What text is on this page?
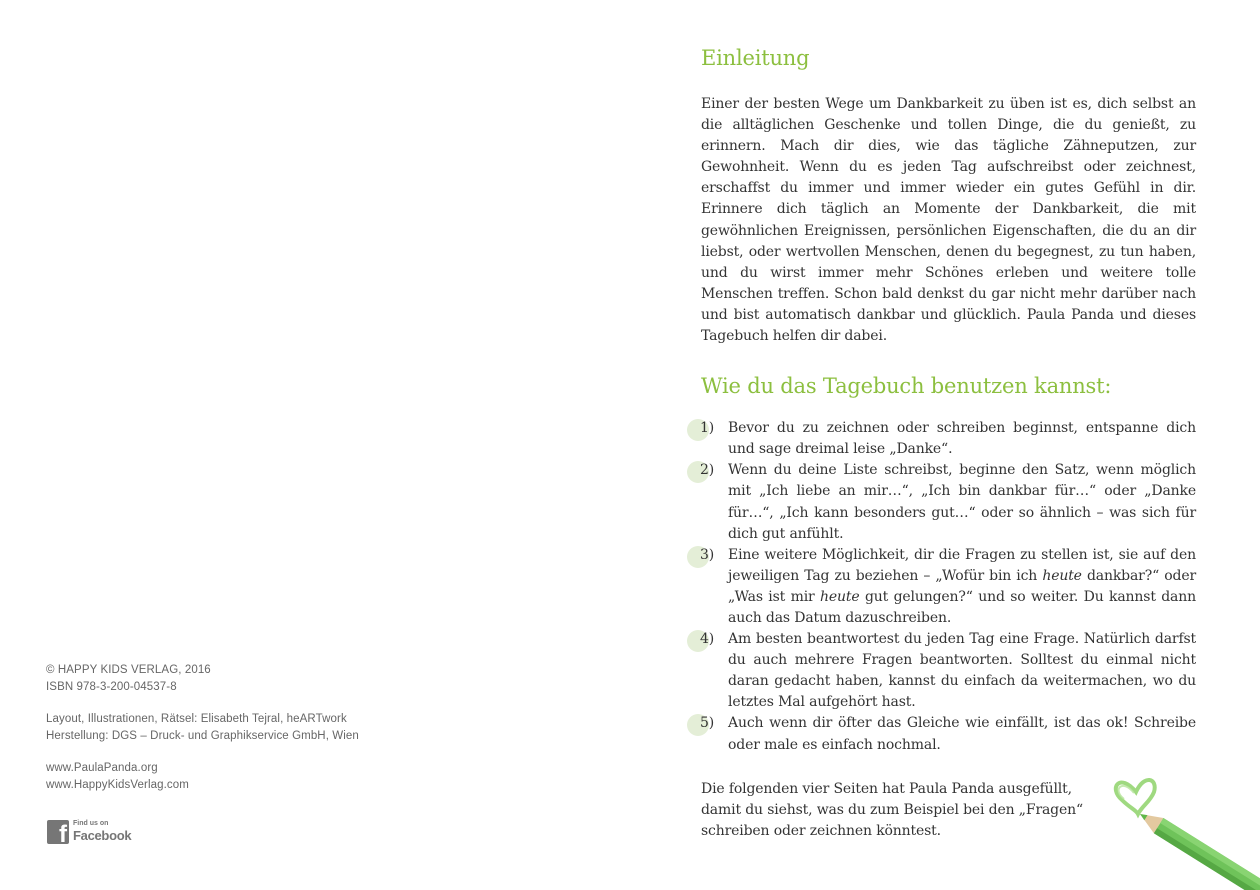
© HAPPY KIDS VERLAG, 2016
ISBN 978-3-200-04537-8
Layout, Illustrationen, Rätsel: Elisabeth Tejral, heARTwork
Herstellung: DGS – Druck- und Graphikservice GmbH, Wien
www.PaulaPanda.org
www.HappyKidsVerlag.com
f Find us on
Facebook
Einleitung

Einer der besten Wege um Dankbarkeit zu üben ist es, dich selbst an die alltäglichen Geschenke und tollen Dinge, die du genießt, zu erinnern. Mach dir dies, wie das tägliche Zähneputzen, zur Gewohnheit. Wenn du es jeden Tag aufschreibst oder zeichnest, erschaffst du immer und immer wieder ein gutes Gefühl in dir. Erinnere dich täglich an Momente der Dankbarkeit, die mit gewöhnlichen Ereignissen, persönlichen Eigenschaften, die du an dir liebst, oder wertvollen Menschen, denen du begegnest, zu tun haben, und du wirst immer mehr Schönes erleben und weitere tolle Menschen treffen. Schon bald denkst du gar nicht mehr darüber nach und bist automatisch dankbar und glücklich. Paula Panda und dieses Tagebuch helfen dir dabei.

Wie du das Tagebuch benutzen kannst:
1) Bevor du zu zeichnen oder schreiben beginnst, entspanne dich und sage dreimal leise „Danke“.
2) Wenn du deine Liste schreibst, beginne den Satz, wenn möglich mit „Ich liebe an mir…“, „Ich bin dankbar für…“ oder „Danke für…“, „Ich kann besonders gut…“ oder so ähnlich – was sich für dich gut anfühlt.
3) Eine weitere Möglichkeit, dir die Fragen zu stellen ist, sie auf den jeweiligen Tag zu beziehen – „Wofür bin ich heute dankbar?“ oder „Was ist mir heute gut gelungen?“ und so weiter. Du kannst dann auch das Datum dazuschreiben.
4) Am besten beantwortest du jeden Tag eine Frage. Natürlich darfst du auch mehrere Fragen beantworten. Solltest du einmal nicht daran gedacht haben, kannst du einfach da weitermachen, wo du letztes Mal aufgehört hast.
5) Auch wenn dir öfter das Gleiche wie einfällt, ist das ok! Schreibe oder male es einfach nochmal.
Die folgenden vier Seiten hat Paula Panda ausgefüllt,
damit du siehst, was du zum Beispiel bei den „Fragen“
schreiben oder zeichnen könntest.
